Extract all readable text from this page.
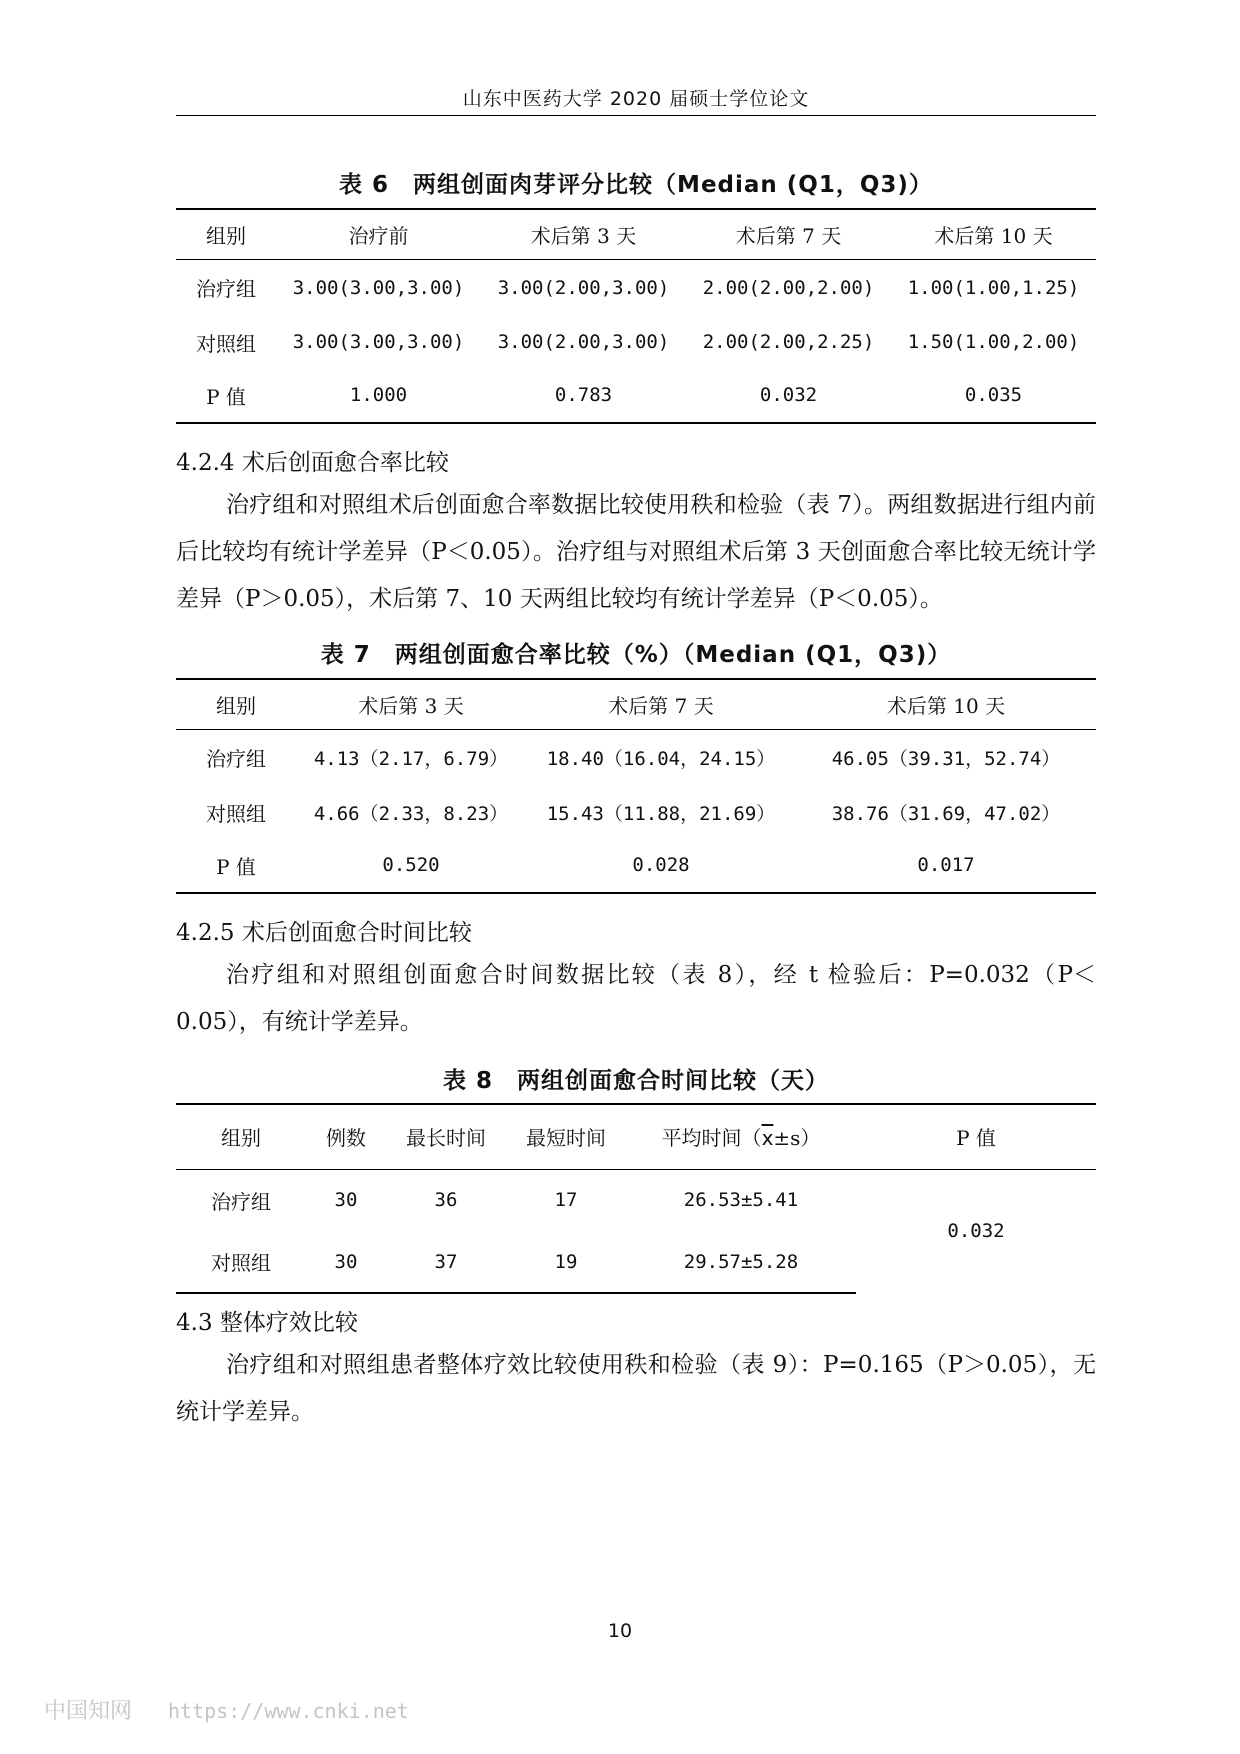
山东中医药大学 2020 届硕士学位论文
表 6　两组创面肉芽评分比较（Median (Q1，Q3)）
组别	治疗前	术后第 3 天	术后第 7 天	术后第 10 天
治疗组	3.00(3.00,3.00)	3.00(2.00,3.00)	2.00(2.00,2.00)	1.00(1.00,1.25)
对照组	3.00(3.00,3.00)	3.00(2.00,3.00)	2.00(2.00,2.25)	1.50(1.00,2.00)
P 值	1.000	0.783	0.032	0.035
4.2.4 术后创面愈合率比较

治疗组和对照组术后创面愈合率数据比较使用秩和检验（表 7）。两组数据进行组内前后比较均有统计学差异（P＜0.05）。治疗组与对照组术后第 3 天创面愈合率比较无统计学差异（P＞0.05），术后第 7、10 天两组比较均有统计学差异（P＜0.05）。

表 7　两组创面愈合率比较（%）（Median (Q1，Q3)）
组别	术后第 3 天	术后第 7 天	术后第 10 天
治疗组	4.13（2.17，6.79）	18.40（16.04，24.15）	46.05（39.31，52.74）
对照组	4.66（2.33，8.23）	15.43（11.88，21.69）	38.76（31.69，47.02）
P 值	0.520	0.028	0.017
4.2.5 术后创面愈合时间比较

治疗组和对照组创面愈合时间数据比较（表 8），经 t 检验后：P=0.032（P＜0.05），有统计学差异。

表 8　两组创面愈合时间比较（天）
组别	例数	最长时间	最短时间	平均时间$(\overline{x}\pm s)$	P 值
治疗组	30	36	17	26.53±5.41	0.032
对照组	30	37	19	29.57±5.28	
4.3 整体疗效比较

治疗组和对照组患者整体疗效比较使用秩和检验（表 9）：P=0.165（P＞0.05），无统计学差异。

10
中国知网 https://www.cnki.net
